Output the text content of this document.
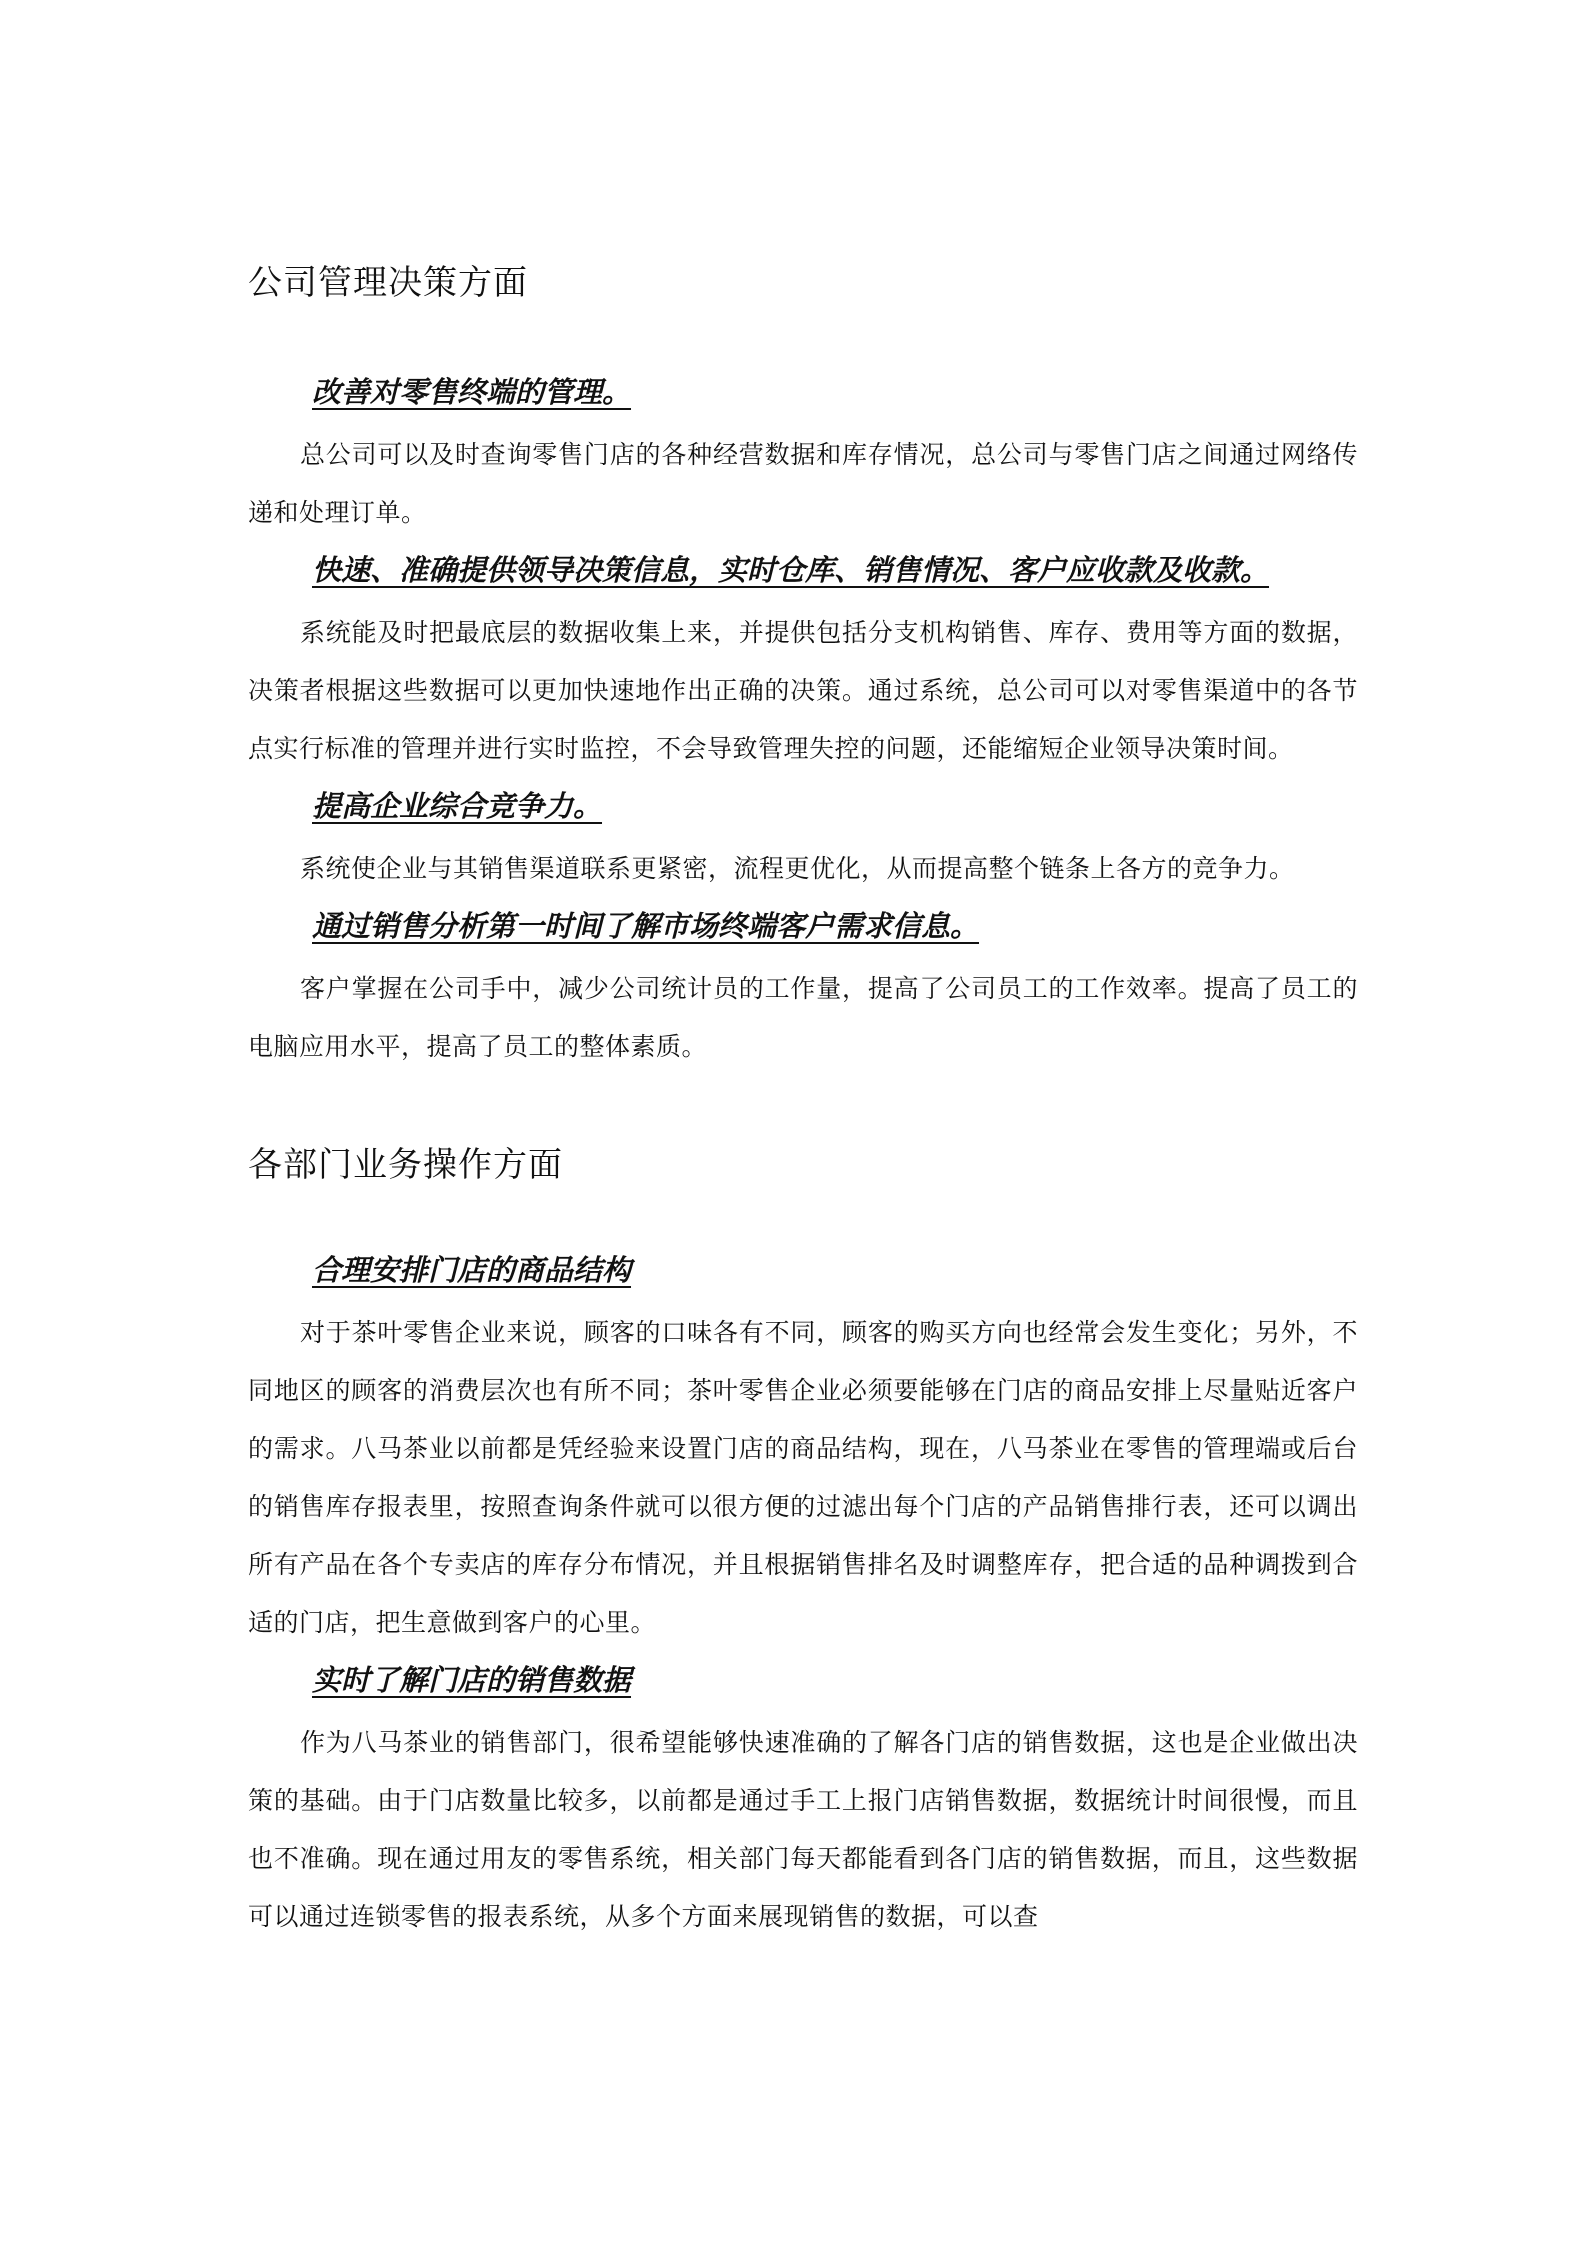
公司管理决策方面
改善对零售终端的管理。

总公司可以及时查询零售门店的各种经营数据和库存情况，总公司与零售门店之间通过网络传递和处理订单。

快速、准确提供领导决策信息，实时仓库、销售情况、客户应收款及收款。

系统能及时把最底层的数据收集上来，并提供包括分支机构销售、库存、费用等方面的数据，决策者根据这些数据可以更加快速地作出正确的决策。通过系统，总公司可以对零售渠道中的各节点实行标准的管理并进行实时监控，不会导致管理失控的问题，还能缩短企业领导决策时间。

提高企业综合竞争力。

系统使企业与其销售渠道联系更紧密，流程更优化，从而提高整个链条上各方的竞争力。

通过销售分析第一时间了解市场终端客户需求信息。

客户掌握在公司手中，减少公司统计员的工作量，提高了公司员工的工作效率。提高了员工的电脑应用水平，提高了员工的整体素质。

各部门业务操作方面
合理安排门店的商品结构

对于茶叶零售企业来说，顾客的口味各有不同，顾客的购买方向也经常会发生变化；另外，不同地区的顾客的消费层次也有所不同；茶叶零售企业必须要能够在门店的商品安排上尽量贴近客户的需求。八马茶业以前都是凭经验来设置门店的商品结构，现在，八马茶业在零售的管理端或后台的销售库存报表里，按照查询条件就可以很方便的过滤出每个门店的产品销售排行表，还可以调出所有产品在各个专卖店的库存分布情况，并且根据销售排名及时调整库存，把合适的品种调拨到合适的门店，把生意做到客户的心里。

实时了解门店的销售数据

作为八马茶业的销售部门，很希望能够快速准确的了解各门店的销售数据，这也是企业做出决策的基础。由于门店数量比较多，以前都是通过手工上报门店销售数据，数据统计时间很慢，而且也不准确。现在通过用友的零售系统，相关部门每天都能看到各门店的销售数据，而且，这些数据可以通过连锁零售的报表系统，从多个方面来展现销售的数据，可以查
